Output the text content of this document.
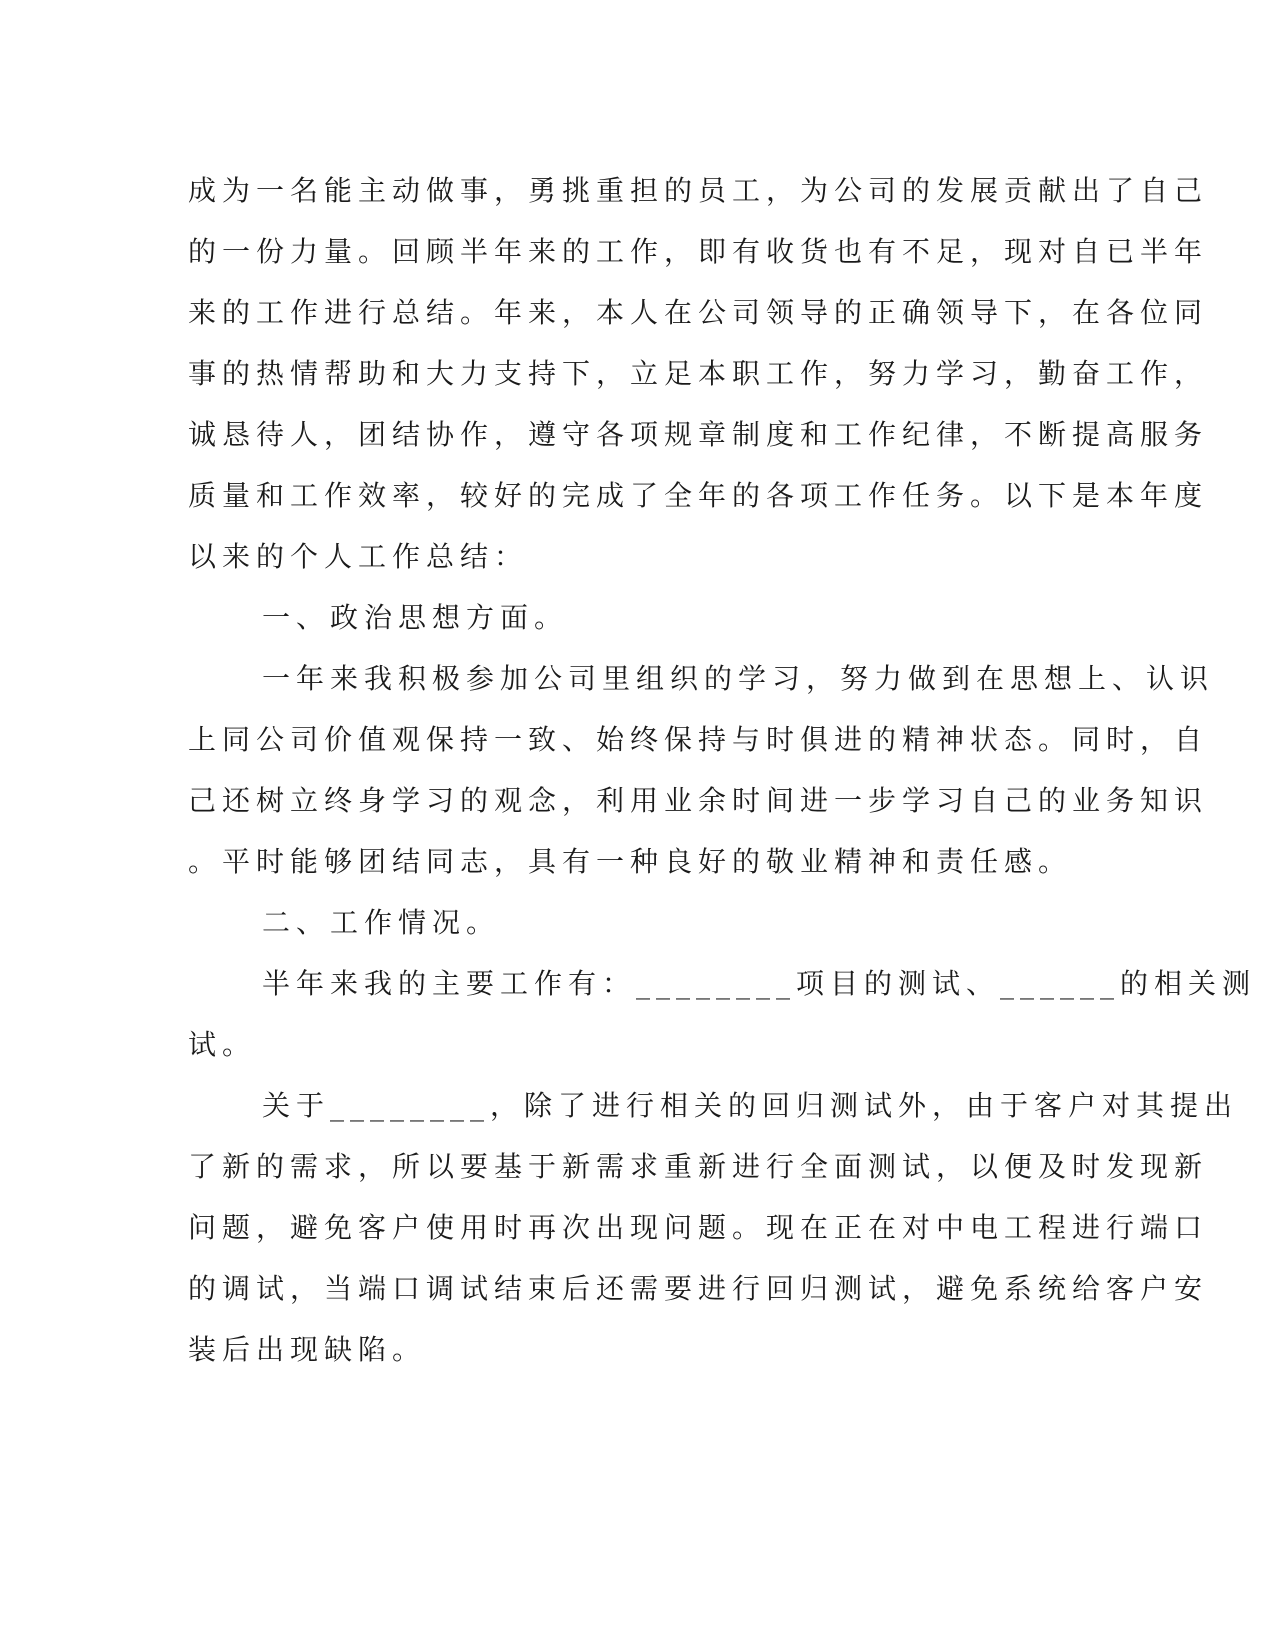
成为一名能主动做事，勇挑重担的员工，为公司的发展贡献出了自己
的一份力量。回顾半年来的工作，即有收货也有不足，现对自已半年
来的工作进行总结。年来，本人在公司领导的正确领导下，在各位同
事的热情帮助和大力支持下，立足本职工作，努力学习，勤奋工作，
诚恳待人，团结协作，遵守各项规章制度和工作纪律，不断提高服务
质量和工作效率，较好的完成了全年的各项工作任务。以下是本年度
以来的个人工作总结：
一、政治思想方面。
一年来我积极参加公司里组织的学习，努力做到在思想上、认识
上同公司价值观保持一致、始终保持与时俱进的精神状态。同时，自
己还树立终身学习的观念，利用业余时间进一步学习自己的业务知识
。平时能够团结同志，具有一种良好的敬业精神和责任感。
二、工作情况。
半年来我的主要工作有：________项目的测试、______的相关测
试。
关于________，除了进行相关的回归测试外，由于客户对其提出
了新的需求，所以要基于新需求重新进行全面测试，以便及时发现新
问题，避免客户使用时再次出现问题。现在正在对中电工程进行端口
的调试，当端口调试结束后还需要进行回归测试，避免系统给客户安
装后出现缺陷。
